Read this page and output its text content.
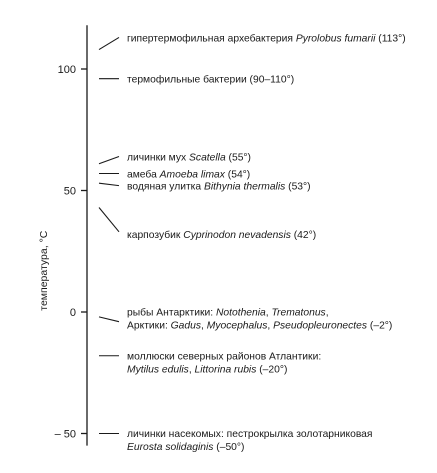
100
50
0
– 50
температура, °С
гипертермофильная архебактерия Pyrolobus fumarii (113°)
термофильные бактерии (90–110°)
личинки мух Scatella (55°)
амеба Amoeba limax (54°)
водяная улитка Bithynia thermalis (53°)
карпозубик Cyprinodon nevadensis (42°)
рыбы Антарктики: Notothenia, Trematonus,
Арктики: Gadus, Myocephalus, Pseudopleuronectes (–2°)
моллюски северных районов Атлантики:
Mytilus edulis, Littorina rubis (–20°)
личинки насекомых: пестрокрылка золотарниковая
Eurosta solidaginis (–50°)
